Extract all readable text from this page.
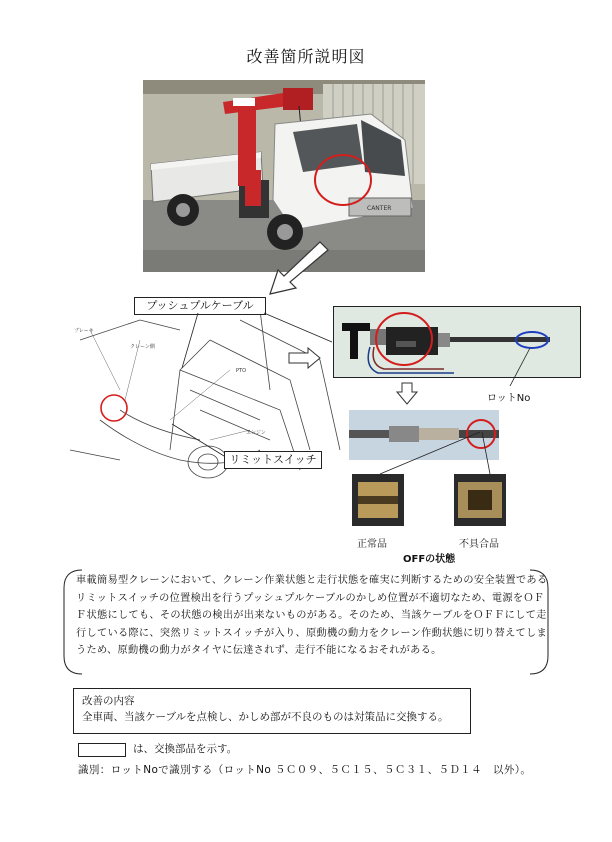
改善箇所説明図
CANTER
ブレーキ
クレーン側
PTO
エンジン
プッシュプルケーブル
リミットスイッチ
ロットNo
正常品	不具合品
OFFの状態
車載簡易型クレーンにおいて、クレーン作業状態と走行状態を確実に判断するための安全装置である
リミットスイッチの位置検出を行うプッシュプルケーブルのかしめ位置が不適切なため、電源をＯＦ
Ｆ状態にしても、その状態の検出が出来ないものがある。そのため、当該ケーブルをＯＦＦにして走
行している際に、突然リミットスイッチが入り、原動機の動力をクレーン作動状態に切り替えてしま
うため、原動機の動力がタイヤに伝達されず、走行不能になるおそれがある。
改善の内容
全車両、当該ケーブルを点検し、かしめ部が不良のものは対策品に交換する。
は、交換部品を示す。
識別：ロットNoで識別する（ロットNo ５Ｃ０９、５Ｃ１５、５Ｃ３１、５Ｄ１４　以外）。
